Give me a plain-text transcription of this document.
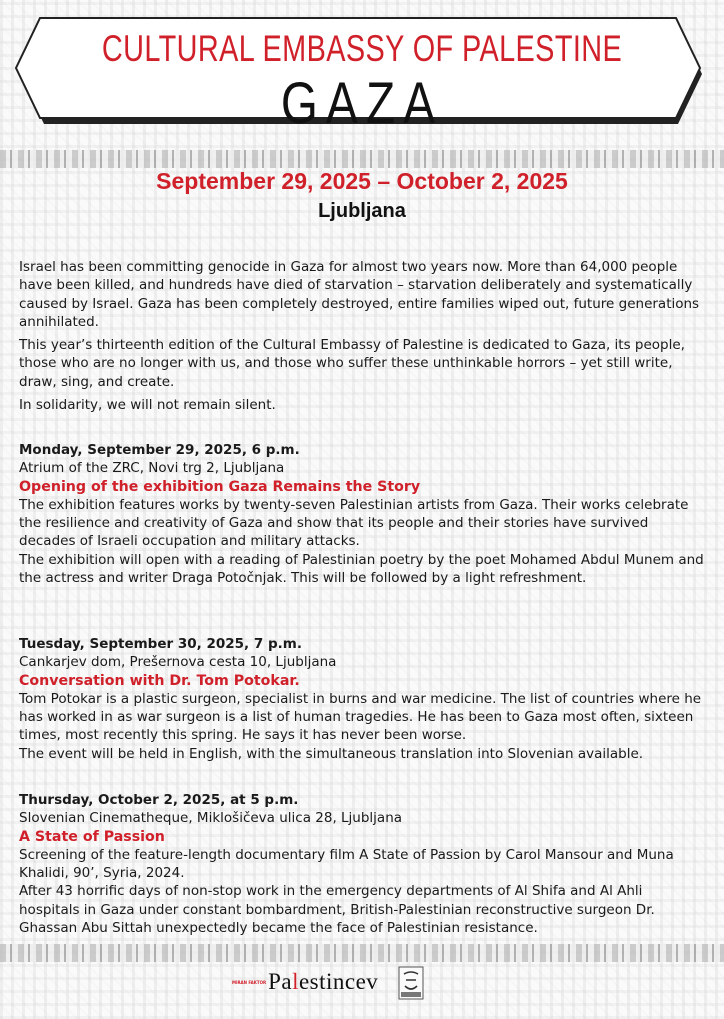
CULTURAL EMBASSY OF PALESTINE
GAZA
September 29, 2025 – October 2, 2025
Ljubljana

Israel has been committing genocide in Gaza for almost two years now. More than 64,000 people have been killed, and hundreds have died of starvation – starvation deliberately and systematically caused by Israel. Gaza has been completely destroyed, entire families wiped out, future generations annihilated.

This year’s thirteenth edition of the Cultural Embassy of Palestine is dedicated to Gaza, its people, those who are no longer with us, and those who suffer these unthinkable horrors – yet still write, draw, sing, and create.

In solidarity, we will not remain silent.

Monday, September 29, 2025, 6 p.m.

Atrium of the ZRC, Novi trg 2, Ljubljana

Opening of the exhibition Gaza Remains the Story

The exhibition features works by twenty-seven Palestinian artists from Gaza. Their works celebrate the resilience and creativity of Gaza and show that its people and their stories have survived decades of Israeli occupation and military attacks.

The exhibition will open with a reading of Palestinian poetry by the poet Mohamed Abdul Munem and the actress and writer Draga Potočnjak. This will be followed by a light refreshment.

Tuesday, September 30, 2025, 7 p.m.

Cankarjev dom, Prešernova cesta 10, Ljubljana

Conversation with Dr. Tom Potokar.

Tom Potokar is a plastic surgeon, specialist in burns and war medicine. The list of countries where he has worked in as war surgeon is a list of human tragedies. He has been to Gaza most often, sixteen times, most recently this spring. He says it has never been worse.

The event will be held in English, with the simultaneous translation into Slovenian available.

Thursday, October 2, 2025, at 5 p.m.

Slovenian Cinematheque, Miklošičeva ulica 28, Ljubljana

A State of Passion

Screening of the feature-length documentary film A State of Passion by Carol Mansour and Muna Khalidi, 90’, Syria, 2024.

After 43 horrific days of non-stop work in the emergency departments of Al Shifa and Al Ahli hospitals in Gaza under constant bombardment, British-Palestinian reconstructive surgeon Dr. Ghassan Abu Sittah unexpectedly became the face of Palestinian resistance.

MIRAN FAKTOR Palestincev
